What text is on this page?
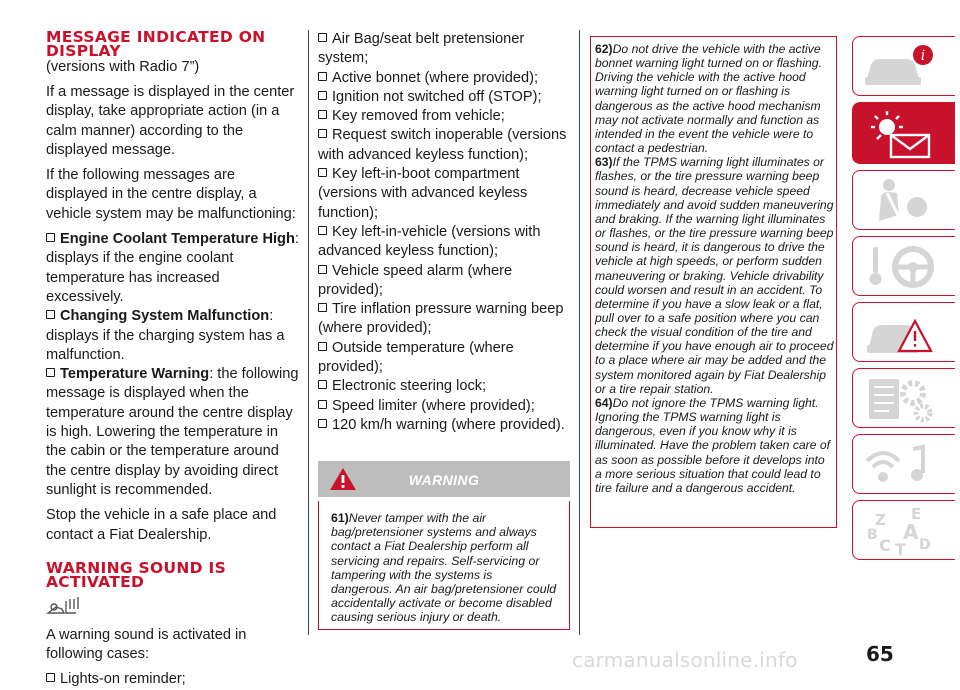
MESSAGE INDICATED ON DISPLAY
(versions with Radio 7”)

If a message is displayed in the center display, take appropriate action (in a calm manner) according to the displayed message.

If the following messages are displayed in the centre display, a vehicle system may be malfunctioning:

Engine Coolant Temperature High: displays if the engine coolant temperature has increased excessively.

Changing System Malfunction: displays if the charging system has a malfunction.

Temperature Warning: the following message is displayed when the temperature around the centre display is high. Lowering the temperature in the cabin or the temperature around the centre display by avoiding direct sunlight is recommended.

Stop the vehicle in a safe place and contact a Fiat Dealership.

WARNING SOUND IS ACTIVATED

A warning sound is activated in following cases:

Lights-on reminder;

Air Bag/seat belt pretensioner system;

Active bonnet (where provided);

Ignition not switched off (STOP);

Key removed from vehicle;

Request switch inoperable (versions with advanced keyless function);

Key left-in-boot compartment (versions with advanced keyless function);

Key left-in-vehicle (versions with advanced keyless function);

Vehicle speed alarm (where provided);

Tire inflation pressure warning beep (where provided);

Outside temperature (where provided);

Electronic steering lock;

Speed limiter (where provided);

120 km/h warning (where provided).

WARNING

61)Never tamper with the air bag/pretensioner systems and always contact a Fiat Dealership perform all servicing and repairs. Self-servicing or tampering with the systems is dangerous. An air bag/pretensioner could accidentally activate or become disabled causing serious injury or death.

62)Do not drive the vehicle with the active bonnet warning light turned on or flashing. Driving the vehicle with the active hood warning light turned on or flashing is dangerous as the active hood mechanism may not activate normally and function as intended in the event the vehicle were to contact a pedestrian.

63)If the TPMS warning light illuminates or flashes, or the tire pressure warning beep sound is heard, decrease vehicle speed immediately and avoid sudden maneuvering and braking. If the warning light illuminates or flashes, or the tire pressure warning beep sound is heard, it is dangerous to drive the vehicle at high speeds, or perform sudden maneuvering or braking. Vehicle drivability could worsen and result in an accident. To determine if you have a slow leak or a flat, pull over to a safe position where you can check the visual condition of the tire and determine if you have enough air to proceed to a place where air may be added and the system monitored again by Fiat Dealership or a tire repair station.

64)Do not ignore the TPMS warning light. Ignoring the TPMS warning light is dangerous, even if you know why it is illuminated. Have the problem taken care of as soon as possible before it develops into a more serious situation that could lead to tire failure and a dangerous accident.

i
Z E
A
B
C T D
65
carmanualsonline.info
